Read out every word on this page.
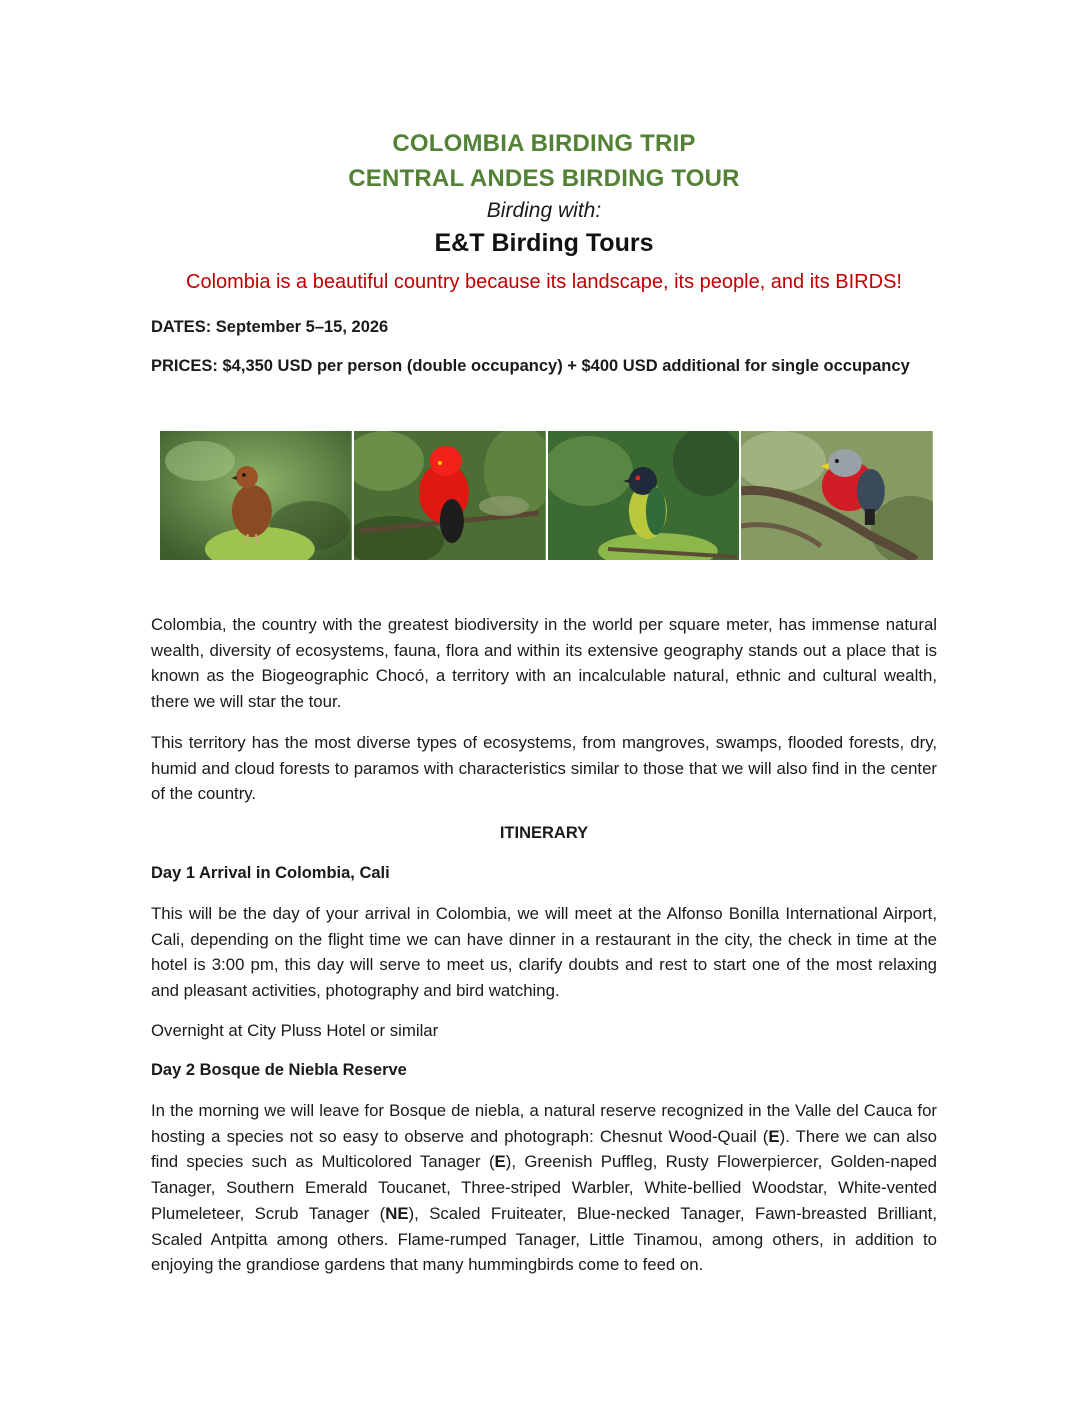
COLOMBIA BIRDING TRIP
CENTRAL ANDES BIRDING TOUR
Birding with:
E&T Birding Tours
Colombia is a beautiful country because its landscape, its people, and its BIRDS!
DATES: September 5–15, 2026
PRICES: $4,350 USD per person (double occupancy) + $400 USD additional for single occupancy
Colombia, the country with the greatest biodiversity in the world per square meter, has immense natural wealth, diversity of ecosystems, fauna, flora and within its extensive geography stands out a place that is known as the Biogeographic Chocó, a territory with an incalculable natural, ethnic and cultural wealth, there we will star the tour.
This territory has the most diverse types of ecosystems, from mangroves, swamps, flooded forests, dry, humid and cloud forests to paramos with characteristics similar to those that we will also find in the center of the country.
ITINERARY
Day 1 Arrival in Colombia, Cali
This will be the day of your arrival in Colombia, we will meet at the Alfonso Bonilla International Airport, Cali, depending on the flight time we can have dinner in a restaurant in the city, the check in time at the hotel is 3:00 pm, this day will serve to meet us, clarify doubts and rest to start one of the most relaxing and pleasant activities, photography and bird watching.
Overnight at City Pluss Hotel or similar
Day 2 Bosque de Niebla Reserve
In the morning we will leave for Bosque de niebla, a natural reserve recognized in the Valle del Cauca for hosting a species not so easy to observe and photograph: Chesnut Wood-Quail (E). There we can also find species such as Multicolored Tanager (E), Greenish Puffleg, Rusty Flowerpiercer, Golden-naped Tanager, Southern Emerald Toucanet, Three-striped Warbler, White-bellied Woodstar, White-vented Plumeleteer, Scrub Tanager (NE), Scaled Fruiteater, Blue-necked Tanager, Fawn-breasted Brilliant, Scaled Antpitta among others. Flame-rumped Tanager, Little Tinamou, among others, in addition to enjoying the grandiose gardens that many hummingbirds come to feed on.
